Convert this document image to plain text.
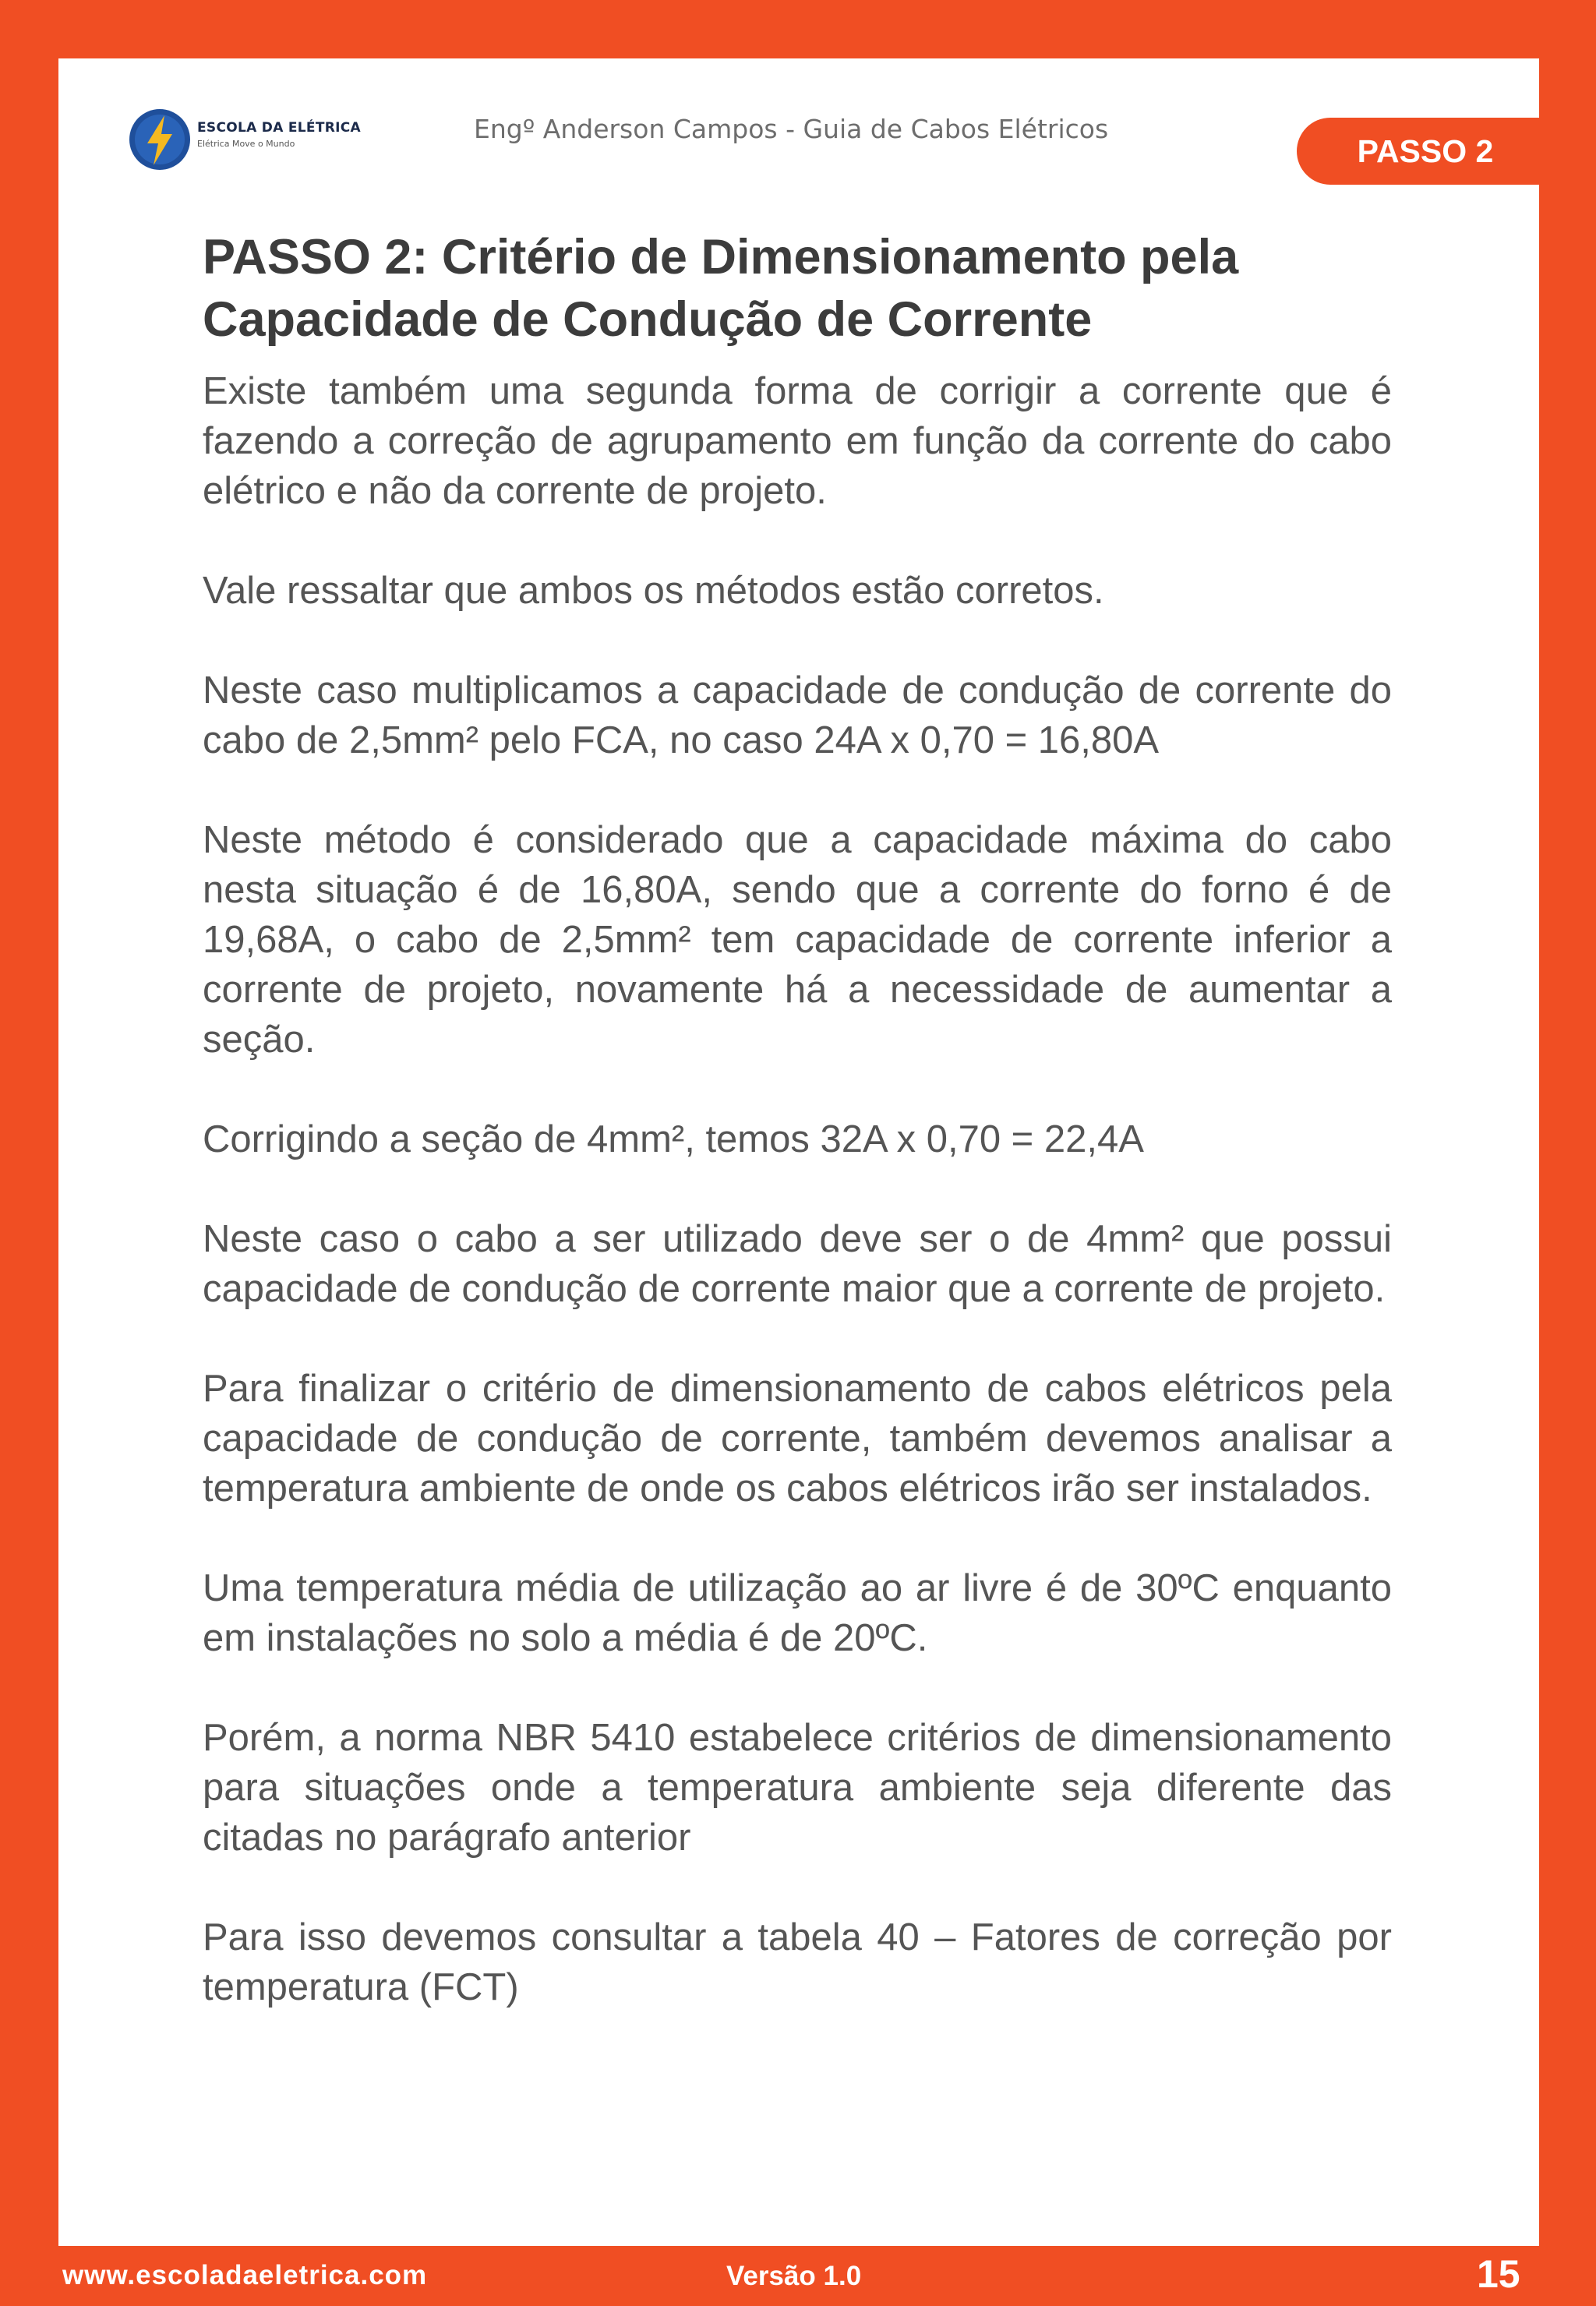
ESCOLA DA ELÉTRICA
Elétrica Move o Mundo	Engº Anderson Campos - Guia de Cabos Elétricos
PASSO 2
PASSO 2: Critério de Dimensionamento pela Capacidade de Condução de Corrente

Existe também uma segunda forma de corrigir a corrente que é fazendo a correção de agrupamento em função da corrente do cabo elétrico e não da corrente de projeto.

Vale ressaltar que ambos os métodos estão corretos.

Neste caso multiplicamos a capacidade de condução de corrente do cabo de 2,5mm² pelo FCA, no caso 24A x 0,70 = 16,80A

Neste método é considerado que a capacidade máxima do cabo nesta situação é de 16,80A, sendo que a corrente do forno é de 19,68A, o cabo de 2,5mm² tem capacidade de corrente inferior a corrente de projeto, novamente há a necessidade de aumentar a seção.

Corrigindo a seção de 4mm², temos 32A x 0,70 = 22,4A

Neste caso o cabo a ser utilizado deve ser o de 4mm² que possui capacidade de condução de corrente maior que a corrente de projeto.

Para finalizar o critério de dimensionamento de cabos elétricos pela capacidade de condução de corrente, também devemos analisar a temperatura ambiente de onde os cabos elétricos irão ser instalados.

Uma temperatura média de utilização ao ar livre é de 30ºC enquanto em instalações no solo a média é de 20ºC.

Porém, a norma NBR 5410 estabelece critérios de dimensionamento para situações onde a temperatura ambiente seja diferente das citadas no parágrafo anterior

Para isso devemos consultar a tabela 40 – Fatores de correção por temperatura (FCT)

www.escoladaeletrica.com	Versão 1.0	15
